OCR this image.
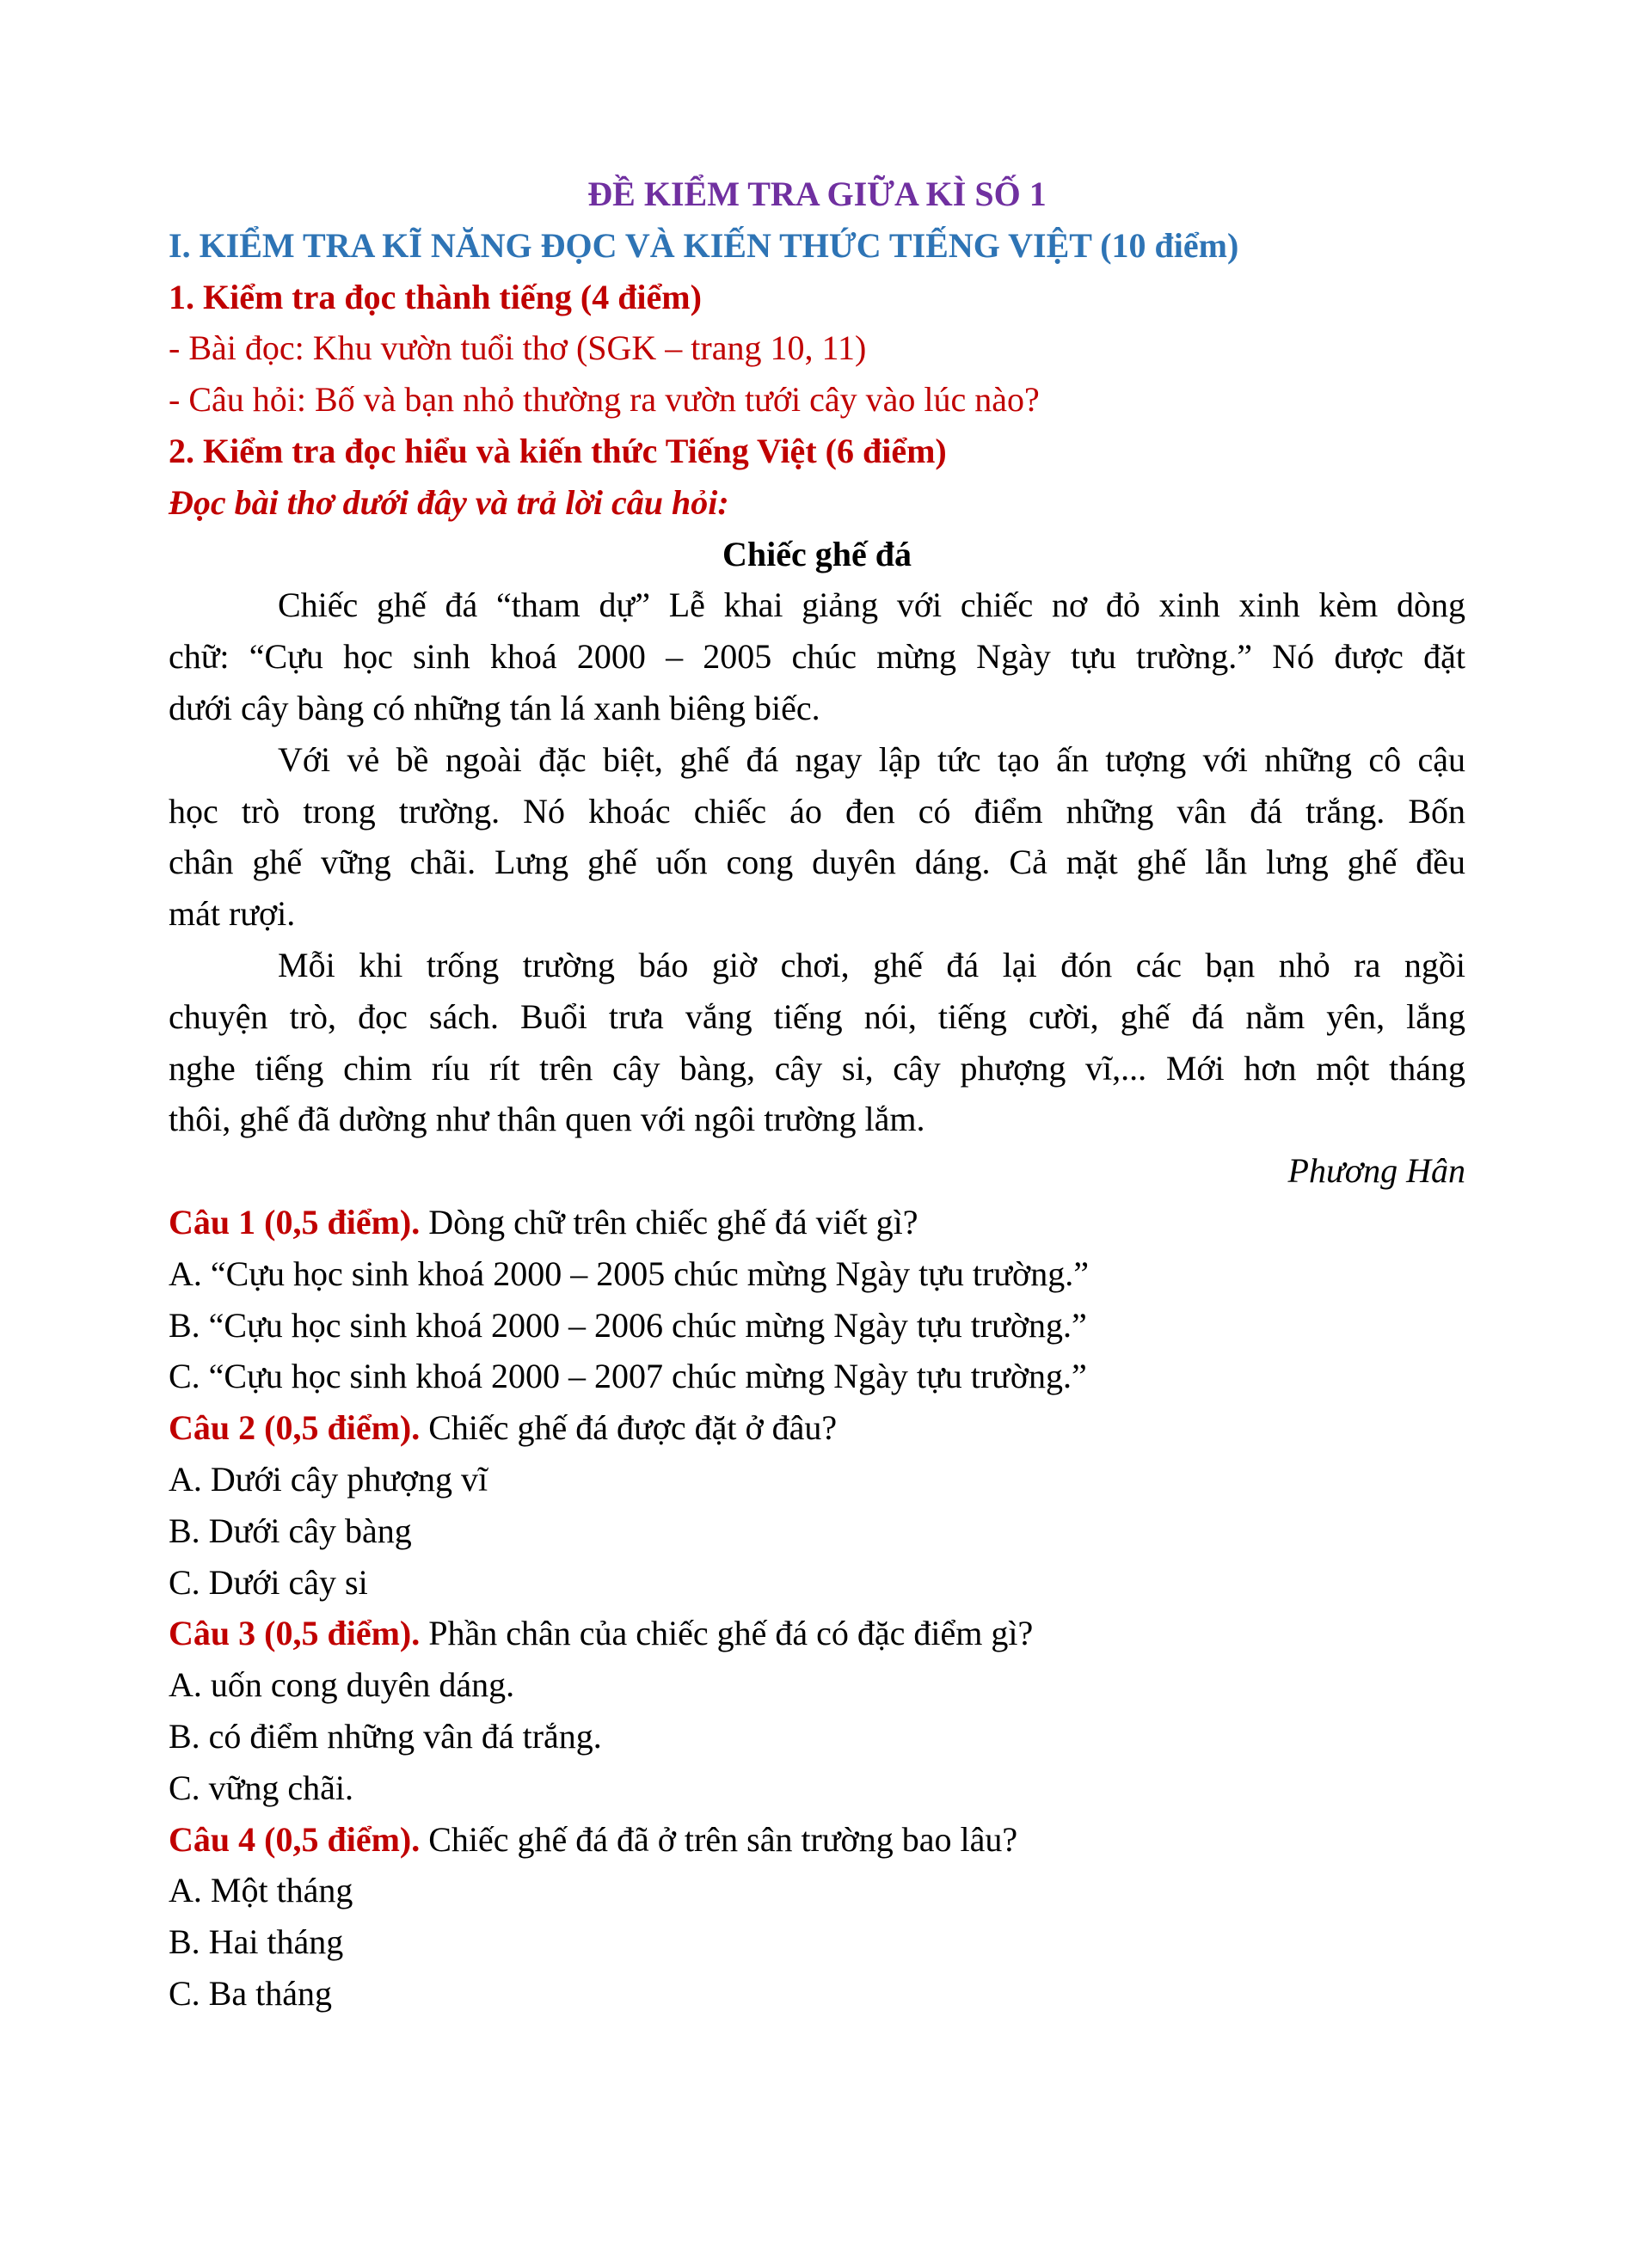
ĐỀ KIỂM TRA GIỮA KÌ SỐ 1

I. KIỂM TRA KĨ NĂNG ĐỌC VÀ KIẾN THỨC TIẾNG VIỆT (10 điểm)

1. Kiểm tra đọc thành tiếng (4 điểm)

- Bài đọc: Khu vườn tuổi thơ (SGK – trang 10, 11)

- Câu hỏi: Bố và bạn nhỏ thường ra vườn tưới cây vào lúc nào?

2. Kiểm tra đọc hiểu và kiến thức Tiếng Việt (6 điểm)

Đọc bài thơ dưới đây và trả lời câu hỏi:

Chiếc ghế đá

Chiếc ghế đá “tham dự” Lễ khai giảng với chiếc nơ đỏ xinh xinh kèm dòng
chữ: “Cựu học sinh khoá 2000 – 2005 chúc mừng Ngày tựu trường.” Nó được đặt
dưới cây bàng có những tán lá xanh biêng biếc.
Với vẻ bề ngoài đặc biệt, ghế đá ngay lập tức tạo ấn tượng với những cô cậu
học trò trong trường. Nó khoác chiếc áo đen có điểm những vân đá trắng. Bốn
chân ghế vững chãi. Lưng ghế uốn cong duyên dáng. Cả mặt ghế lẫn lưng ghế đều
mát rượi.
Mỗi khi trống trường báo giờ chơi, ghế đá lại đón các bạn nhỏ ra ngồi
chuyện trò, đọc sách. Buổi trưa vắng tiếng nói, tiếng cười, ghế đá nằm yên, lắng
nghe tiếng chim ríu rít trên cây bàng, cây si, cây phượng vĩ,... Mới hơn một tháng
thôi, ghế đã dường như thân quen với ngôi trường lắm.

Phương Hân

Câu 1 (0,5 điểm). Dòng chữ trên chiếc ghế đá viết gì?

A. “Cựu học sinh khoá 2000 – 2005 chúc mừng Ngày tựu trường.”

B. “Cựu học sinh khoá 2000 – 2006 chúc mừng Ngày tựu trường.”

C. “Cựu học sinh khoá 2000 – 2007 chúc mừng Ngày tựu trường.”

Câu 2 (0,5 điểm). Chiếc ghế đá được đặt ở đâu?

A. Dưới cây phượng vĩ

B. Dưới cây bàng

C. Dưới cây si

Câu 3 (0,5 điểm). Phần chân của chiếc ghế đá có đặc điểm gì?

A. uốn cong duyên dáng.

B. có điểm những vân đá trắng.

C. vững chãi.

Câu 4 (0,5 điểm). Chiếc ghế đá đã ở trên sân trường bao lâu?

A. Một tháng

B. Hai tháng

C. Ba tháng
